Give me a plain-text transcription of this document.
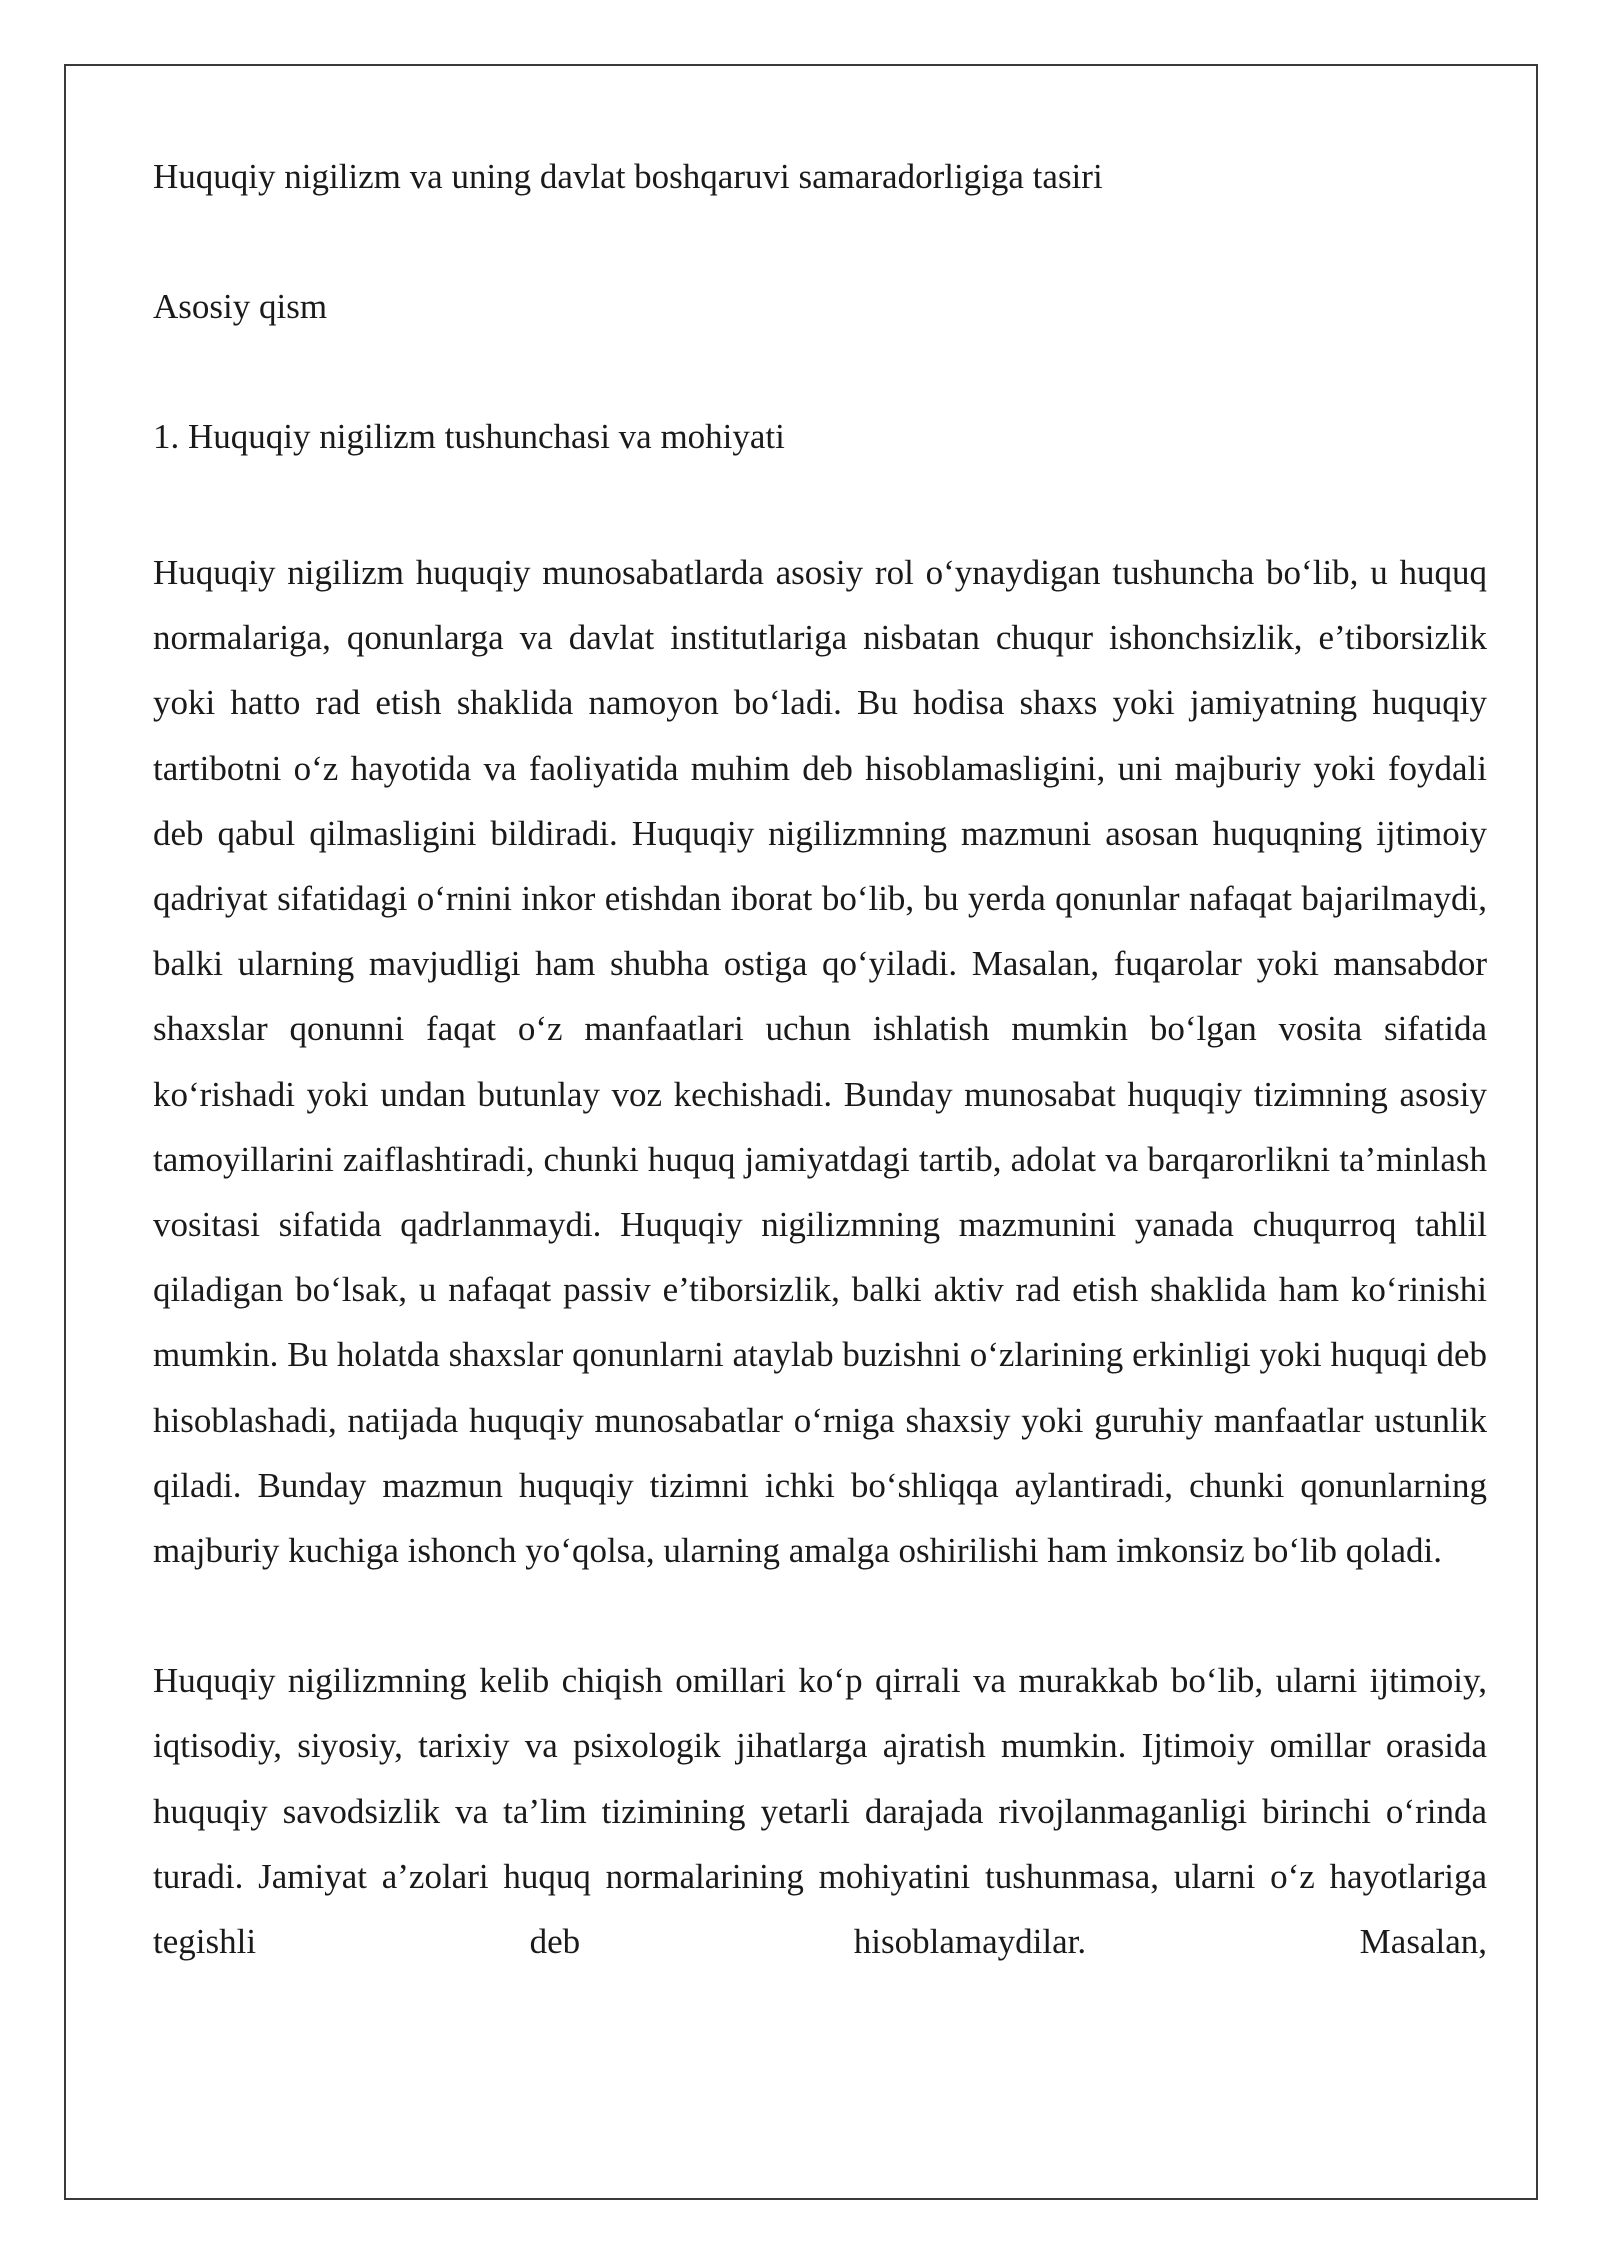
Huquqiy nigilizm va uning davlat boshqaruvi samaradorligiga tasiri

Asosiy qism

1. Huquqiy nigilizm tushunchasi va mohiyati

Huquqiy nigilizm huquqiy munosabatlarda asosiy rol o‘ynaydigan tushuncha bo‘lib, u huquq normalariga, qonunlarga va davlat institutlariga nisbatan chuqur ishonchsizlik, e’tiborsizlik yoki hatto rad etish shaklida namoyon bo‘ladi. Bu hodisa shaxs yoki jamiyatning huquqiy tartibotni o‘z hayotida va faoliyatida muhim deb hisoblamasligini, uni majburiy yoki foydali deb qabul qilmasligini bildiradi. Huquqiy nigilizmning mazmuni asosan huquqning ijtimoiy qadriyat sifatidagi o‘rnini inkor etishdan iborat bo‘lib, bu yerda qonunlar nafaqat bajarilmaydi, balki ularning mavjudligi ham shubha ostiga qo‘yiladi. Masalan, fuqarolar yoki mansabdor shaxslar qonunni faqat o‘z manfaatlari uchun ishlatish mumkin bo‘lgan vosita sifatida ko‘rishadi yoki undan butunlay voz kechishadi. Bunday munosabat huquqiy tizimning asosiy tamoyillarini zaiflashtiradi, chunki huquq jamiyatdagi tartib, adolat va barqarorlikni ta’minlash vositasi sifatida qadrlanmaydi. Huquqiy nigilizmning mazmunini yanada chuqurroq tahlil qiladigan bo‘lsak, u nafaqat passiv e’tiborsizlik, balki aktiv rad etish shaklida ham ko‘rinishi mumkin. Bu holatda shaxslar qonunlarni ataylab buzishni o‘zlarining erkinligi yoki huquqi deb hisoblashadi, natijada huquqiy munosabatlar o‘rniga shaxsiy yoki guruhiy manfaatlar ustunlik qiladi. Bunday mazmun huquqiy tizimni ichki bo‘shliqqa aylantiradi, chunki qonunlarning majburiy kuchiga ishonch yo‘qolsa, ularning amalga oshirilishi ham imkonsiz bo‘lib qoladi.

Huquqiy nigilizmning kelib chiqish omillari ko‘p qirrali va murakkab bo‘lib, ularni ijtimoiy, iqtisodiy, siyosiy, tarixiy va psixologik jihatlarga ajratish mumkin. Ijtimoiy omillar orasida huquqiy savodsizlik va ta’lim tizimining yetarli darajada rivojlanmaganligi birinchi o‘rinda turadi. Jamiyat a’zolari huquq normalarining mohiyatini tushunmasa, ularni o‘z hayotlariga tegishli deb hisoblamaydilar. Masalan,
